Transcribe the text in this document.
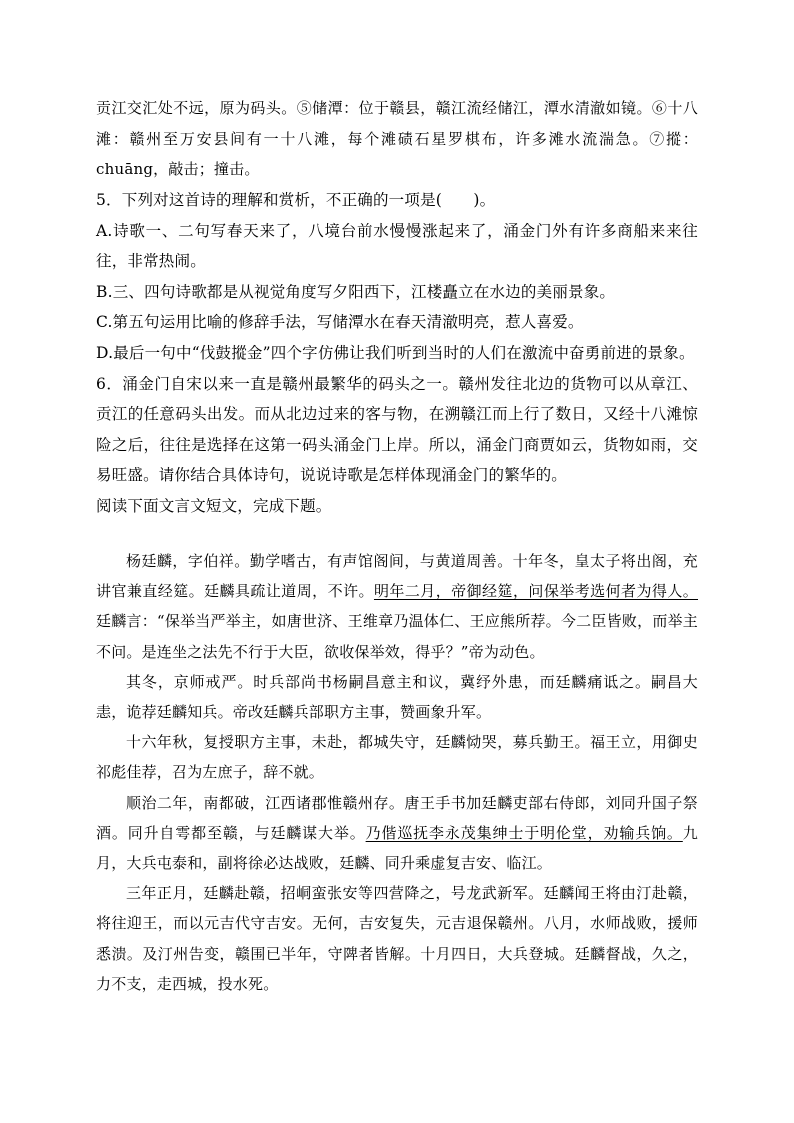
贡江交汇处不远，原为码头。⑤储潭：位于赣县，赣江流经储江，潭水清澈如镜。⑥十八滩：赣州至万安县间有一十八滩，每个滩碛石星罗棋布，许多滩水流湍急。⑦摐：chuāng，敲击；撞击。

5．下列对这首诗的理解和赏析，不正确的一项是(　　)。

A.诗歌一、二句写春天来了，八境台前水慢慢涨起来了，涌金门外有许多商船来来往往，非常热闹。

B.三、四句诗歌都是从视觉角度写夕阳西下，江楼矗立在水边的美丽景象。

C.第五句运用比喻的修辞手法，写储潭水在春天清澈明亮，惹人喜爱。

D.最后一句中“伐鼓摐金”四个字仿佛让我们听到当时的人们在激流中奋勇前进的景象。

6．涌金门自宋以来一直是赣州最繁华的码头之一。赣州发往北边的货物可以从章江、贡江的任意码头出发。而从北边过来的客与物，在溯赣江而上行了数日，又经十八滩惊险之后，往往是选择在这第一码头涌金门上岸。所以，涌金门商贾如云，货物如雨，交易旺盛。请你结合具体诗句，说说诗歌是怎样体现涌金门的繁华的。

阅读下面文言文短文，完成下题。

杨廷麟，字伯祥。勤学嗜古，有声馆阁间，与黄道周善。十年冬，皇太子将出阁，充讲官兼直经筵。廷麟具疏让道周，不许。明年二月，帝御经筵，问保举考选何者为得人。廷麟言：“保举当严举主，如唐世济、王维章乃温体仁、王应熊所荐。今二臣皆败，而举主不问。是连坐之法先不行于大臣，欲收保举效，得乎？”帝为动色。

其冬，京师戒严。时兵部尚书杨嗣昌意主和议，冀纾外患，而廷麟痛诋之。嗣昌大恚，诡荐廷麟知兵。帝改廷麟兵部职方主事，赞画象升军。

十六年秋，复授职方主事，未赴，都城失守，廷麟恸哭，募兵勤王。福王立，用御史祁彪佳荐，召为左庶子，辞不就。

顺治二年，南都破，江西诸郡惟赣州存。唐王手书加廷麟吏部右侍郎，刘同升国子祭酒。同升自雩都至赣，与廷麟谋大举。乃偕巡抚李永茂集绅士于明伦堂，劝输兵饷。九月，大兵屯泰和，副将徐必达战败，廷麟、同升乘虚复吉安、临江。

三年正月，廷麟赴赣，招峒蛮张安等四营降之，号龙武新军。廷麟闻王将由汀赴赣，将往迎王，而以元吉代守吉安。无何，吉安复失，元吉退保赣州。八月，水师战败，援师悉溃。及汀州告变，赣围已半年，守陴者皆解。十月四日，大兵登城。廷麟督战，久之，力不支，走西城，投水死。
